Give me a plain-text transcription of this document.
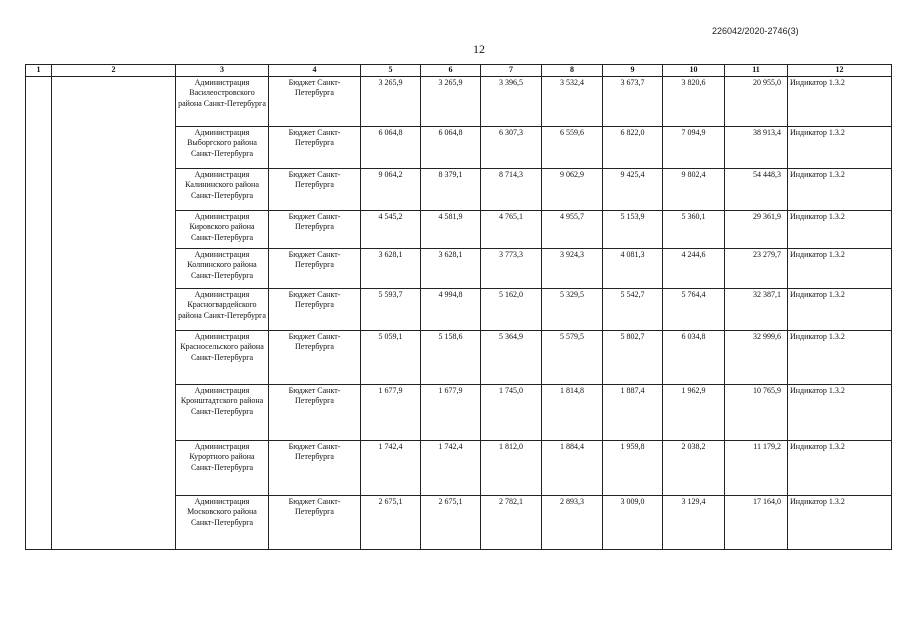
226042/2020-2746(3)
12
1	2	3	4	5	6	7	8	9	10	11	12
		Администрация Василеостровского района Санкт-Петербурга	Бюджет Санкт-Петербурга	3 265,9	3 265,9	3 396,5	3 532,4	3 673,7	3 820,6	20 955,0	Индикатор 1.3.2
		Администрация Выборгского района Санкт-Петербурга	Бюджет Санкт-Петербурга	6 064,8	6 064,8	6 307,3	6 559,6	6 822,0	7 094,9	38 913,4	Индикатор 1.3.2
		Администрация Калининского района Санкт-Петербурга	Бюджет Санкт-Петербурга	9 064,2	8 379,1	8 714,3	9 062,9	9 425,4	9 802,4	54 448,3	Индикатор 1.3.2
		Администрация Кировского района Санкт-Петербурга	Бюджет Санкт-Петербурга	4 545,2	4 581,9	4 765,1	4 955,7	5 153,9	5 360,1	29 361,9	Индикатор 1.3.2
		Администрация Колпинского района Санкт-Петербурга	Бюджет Санкт-Петербурга	3 628,1	3 628,1	3 773,3	3 924,3	4 081,3	4 244,6	23 279,7	Индикатор 1.3.2
		Администрация Красногвардейского района Санкт-Петербурга	Бюджет Санкт-Петербурга	5 593,7	4 994,8	5 162,0	5 329,5	5 542,7	5 764,4	32 387,1	Индикатор 1.3.2
		Администрация Красносельского района Санкт-Петербурга	Бюджет Санкт-Петербурга	5 059,1	5 158,6	5 364,9	5 579,5	5 802,7	6 034,8	32 999,6	Индикатор 1.3.2
		Администрация Кронштадтского района Санкт-Петербурга	Бюджет Санкт-Петербурга	1 677,9	1 677,9	1 745,0	1 814,8	1 887,4	1 962,9	10 765,9	Индикатор 1.3.2
		Администрация Курортного района Санкт-Петербурга	Бюджет Санкт-Петербурга	1 742,4	1 742,4	1 812,0	1 884,4	1 959,8	2 038,2	11 179,2	Индикатор 1.3.2
		Администрация Московского района Санкт-Петербурга	Бюджет Санкт-Петербурга	2 675,1	2 675,1	2 782,1	2 893,3	3 009,0	3 129,4	17 164,0	Индикатор 1.3.2
